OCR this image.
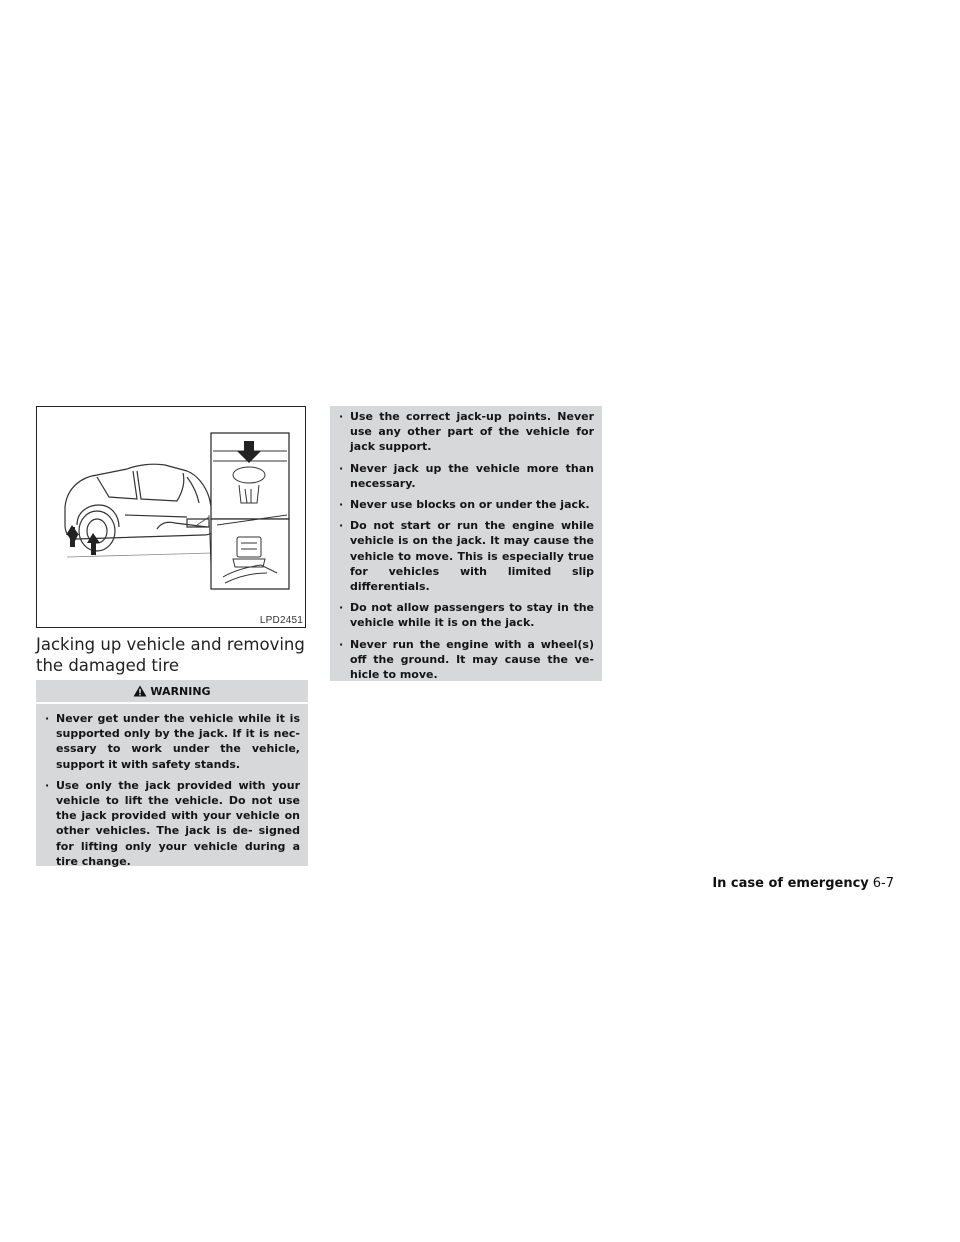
LPD2451
Jacking up vehicle and removing the damaged tire
WARNING
· Never get under the vehicle while it is supported only by the jack. If it is nec- essary to work under the vehicle, support it with safety stands.
· Use only the jack provided with your vehicle to lift the vehicle. Do not use the jack provided with your vehicle on other vehicles. The jack is de- signed for lifting only your vehicle during a tire change.
· Use the correct jack-up points. Never use any other part of the vehicle for jack support.
· Never jack up the vehicle more than necessary.
· Never use blocks on or under the jack.
· Do not start or run the engine while vehicle is on the jack. It may cause the vehicle to move. This is especially true for vehicles with limited slip differentials.
· Do not allow passengers to stay in the vehicle while it is on the jack.
· Never run the engine with a wheel(s) off the ground. It may cause the ve- hicle to move.
In case of emergency 6-7
